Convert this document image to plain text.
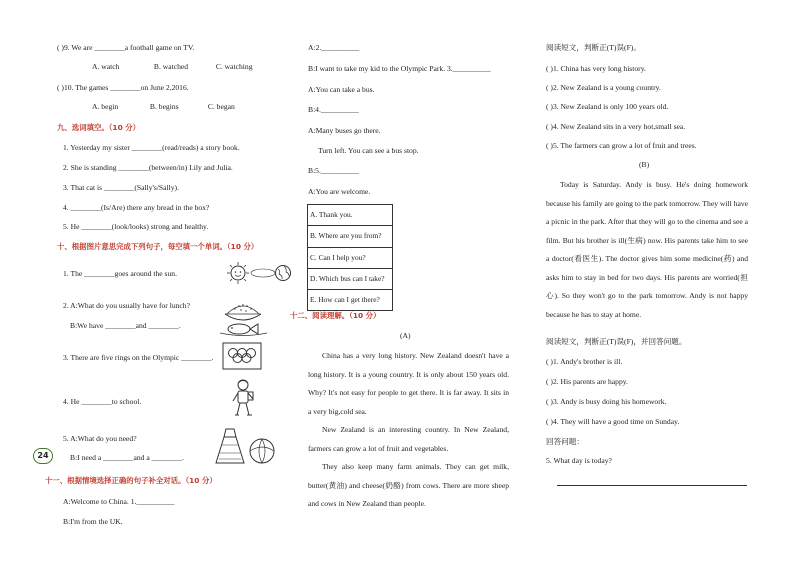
( )9. We are ________a football game on TV.
A. watch	B. watched	C. watching
( )10. The games ________on June 2,2016.
A. begin	B. begins	C. began
九、选词填空。（10 分）
1. Yesterday my sister ________(read/reads) a story book.
2. She is standing ________(between/in) Lily and Julia.
3. That cat is ________(Sally's/Sally).
4. ________(Is/Are) there any bread in the box?
5. He ________(look/looks) strong and healthy.
十、根据图片意思完成下列句子，每空填一个单词。（10 分）
1. The ________goes around the sun.
2. A:What do you usually have for lunch?
B:We have ________and ________.
3. There are five rings on the Olympic ________.
4. He ________to school.
5. A:What do you need?
B:I need a ________and a ________.
十一、根据情境选择正确的句子补全对话。（10 分）
A:Welcome to China. 1.__________
B:I'm from the UK.
24
A:2.__________
B:I want to take my kid to the Olympic Park. 3.__________
A:You can take a bus.
B:4.__________
A:Many buses go there.
Turn left. You can see a bus stop.
B:5.__________
A:You are welcome.
A. Thank you.
B. Where are you from?
C. Can I help you?
D. Which bus can I take?
E. How can I get there?
十二、阅读理解。（10 分）
(A)

China has a very long history. New Zealand doesn't have a long history. It is a young country. It is only about 150 years old. Why? It's not easy for people to get there. It is far away. It sits in a very big,cold sea.

New Zealand is an interesting country. In New Zealand, farmers can grow a lot of fruit and vegetables.

They also keep many farm animals. They can get milk, butter(黄油) and cheese(奶酪) from cows. There are more sheep and cows in New Zealand than people.

阅读短文，判断正(T)误(F)。
( )1. China has very long history.
( )2. New Zealand is a young country.
( )3. New Zealand is only 100 years old.
( )4. New Zealand sits in a very hot,small sea.
( )5. The farmers can grow a lot of fruit and trees.
(B)

Today is Saturday. Andy is busy. He's doing homework because his family are going to the park tomorrow. They will have a picnic in the park. After that they will go to the cinema and see a film. But his brother is ill(生病) now. His parents take him to see a doctor(看医生). The doctor gives him some medicine(药) and asks him to stay in bed for two days. His parents are worried(担心). So they won't go to the park tomorrow. Andy is not happy because he has to stay at home.

阅读短文，判断正(T)误(F)，并回答问题。
( )1. Andy's brother is ill.
( )2. His parents are happy.
( )3. Andy is busy doing his homework.
( )4. They will have a good time on Sunday.
回答问题：
5. What day is today?
